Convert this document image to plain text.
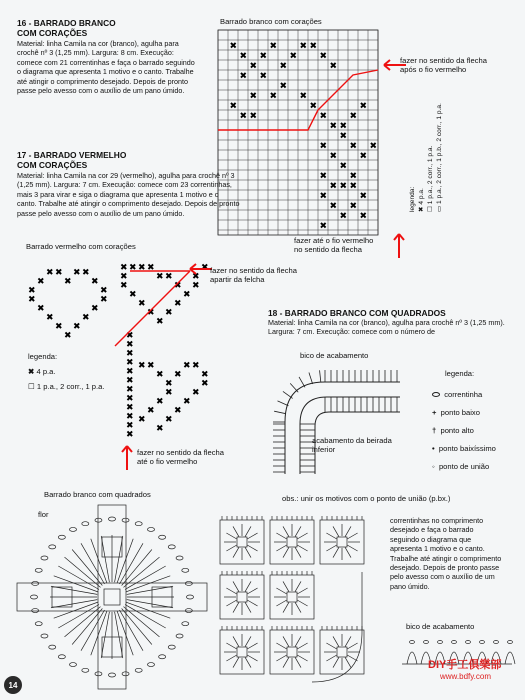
16 - BARRADO BRANCO
COM CORAÇÕES
Material: linha Camila na cor (branco), agulha para
crochê nº 3 (1,25 mm). Largura: 8 cm. Execução:
comece com 21 correntinhas e faça o barrado seguindo
o diagrama que apresenta 1 motivo e o canto. Trabalhe
até atingir o comprimento desejado. Depois de pronto
passe pelo avesso com o auxílio de um pano úmido.
17 - BARRADO VERMELHO
COM CORAÇÕES
Material: linha Camila na cor 29 (vermelho), agulha para crochê nº 3
(1,25 mm). Largura: 7 cm. Execução: comece com 23 correntinhas,
mais 3 para virar e siga o diagrama que apresenta 1 motivo e o
canto. Trabalhe até atingir o comprimento desejado. Depois de pronto
passe pelo avesso com o auxílio de um pano úmido.
Barrado branco com corações
✖
✖
✖
✖
✖
✖ ✖
✖
✖
✖ ✖
✖
✖
✖
✖ ✖
✖
✖ ✖
✖
✖
✖
✖
✖
✖
✖
✖
✖
✖
✖
✖
✖
✖
✖
✖
✖ ✖ ✖
✖
✖
✖
✖
✖
✖
✖
fazer no sentido da flecha
após o fio vermelho
fazer até o fio vermelho
no sentido da flecha
legenda: ✖ 4 p.a.
☐ 1 p.a., 2 corr., 1 p.a.
▭ 1 p.a., 2 corr., 1 p.b., 2 corr., 1 p.a.
Barrado vermelho com corações
✖ ✖
✖ ✖
✖ ✖
✖
✖	✖
✖	✖
✖	✖
✖	✖
✖ ✖
✖
✖ ✖ ✖ ✖
✖
✖
✖
✖
✖
✖
✖
✖
✖
✖
✖
✖
✖
✖
✖
✖
✖
✖
✖
✖
✖
✖
✖
✖
✖
✖
✖
✖ ✖
✖
✖
✖
✖
✖
✖
✖
✖ ✖
✖
✖
✖
✖
✖
✖
✖
fazer no sentido da flecha
apartir da felcha
fazer no sentido da flecha
até o fio vermelho
legenda:
✖ 4 p.a.
☐ 1 p.a., 2 corr., 1 p.a.
18 - BARRADO BRANCO COM QUADRADOS
Material: linha Camila na cor (branco), agulha para crochê nº 3 (1,25 mm).
Largura: 7 cm. Execução: comece com o número de
bico de acabamento
acabamento da beirada
inferior
legenda:
correntinha
+ ponto baixo
† ponto alto
• ponto baixíssimo
◦ ponto de união
obs.: unir os motivos com o ponto de união (p.bx.)
Barrado branco com quadrados
flor
correntinhas no comprimento
desejado e faça o barrado
seguindo o diagrama que
apresenta 1 motivo e o canto.
Trabalhe até atingir o comprimento
desejado. Depois de pronto passe
pelo avesso com o auxílio de um
pano úmido.
bico de acabamento
14
DIY手工俱樂部
www.bdfy.com
